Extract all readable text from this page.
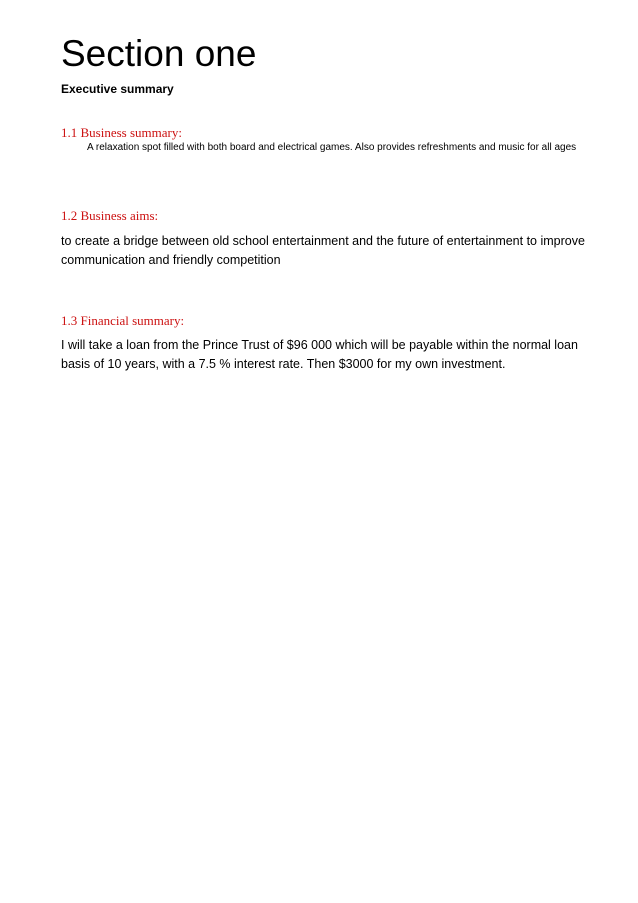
Section one
Executive summary
1.1 Business summary:

A relaxation spot filled with both board and electrical games. Also provides refreshments and music for all ages

1.2 Business aims:

to create a bridge between old school entertainment and the future of entertainment to improve communication and friendly competition

1.3 Financial summary:

I will take a loan from the Prince Trust of $96 000 which will be payable within the normal loan basis of 10 years, with a 7.5 % interest rate. Then $3000 for my own investment.
